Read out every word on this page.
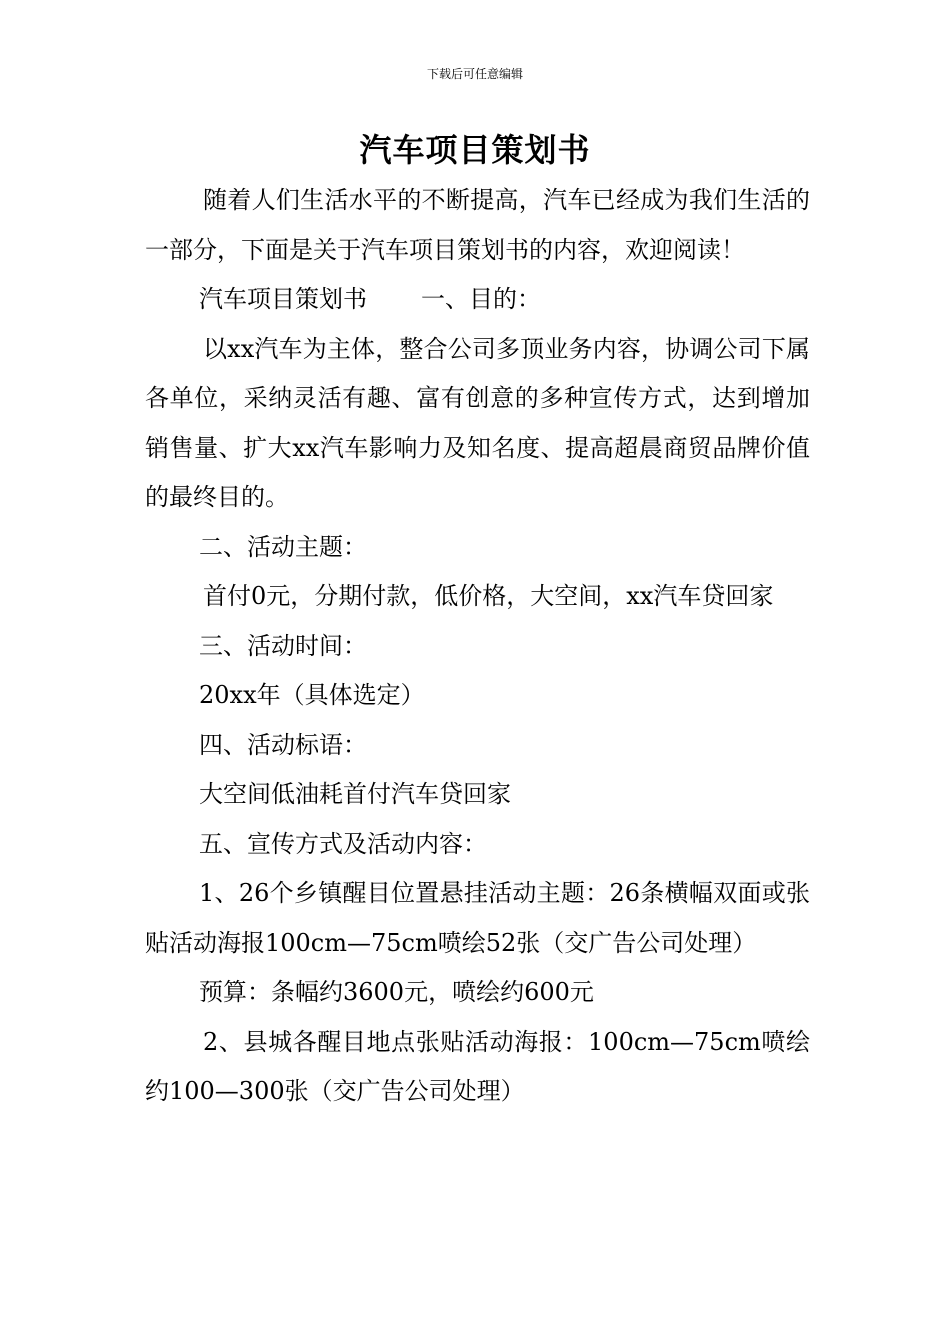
下载后可任意编辑
汽车项目策划书

随着人们生活水平的不断提高，汽车已经成为我们生活的一部分，下面是关于汽车项目策划书的内容，欢迎阅读！

汽车项目策划书 一、目的：

以xx汽车为主体，整合公司多顶业务内容，协调公司下属各单位，采纳灵活有趣、富有创意的多种宣传方式，达到增加销售量、扩大xx汽车影响力及知名度、提高超晨商贸品牌价值的最终目的。

二、活动主题：

首付0元，分期付款，低价格，大空间，xx汽车贷回家

三、活动时间：

20xx年（具体选定）

四、活动标语：

大空间低油耗首付汽车贷回家

五、宣传方式及活动内容：

1、26个乡镇醒目位置悬挂活动主题：26条横幅双面或张贴活动海报100cm—75cm喷绘52张（交广告公司处理）

预算：条幅约3600元，喷绘约600元

2、县城各醒目地点张贴活动海报：100cm—75cm喷绘约100—300张（交广告公司处理）
